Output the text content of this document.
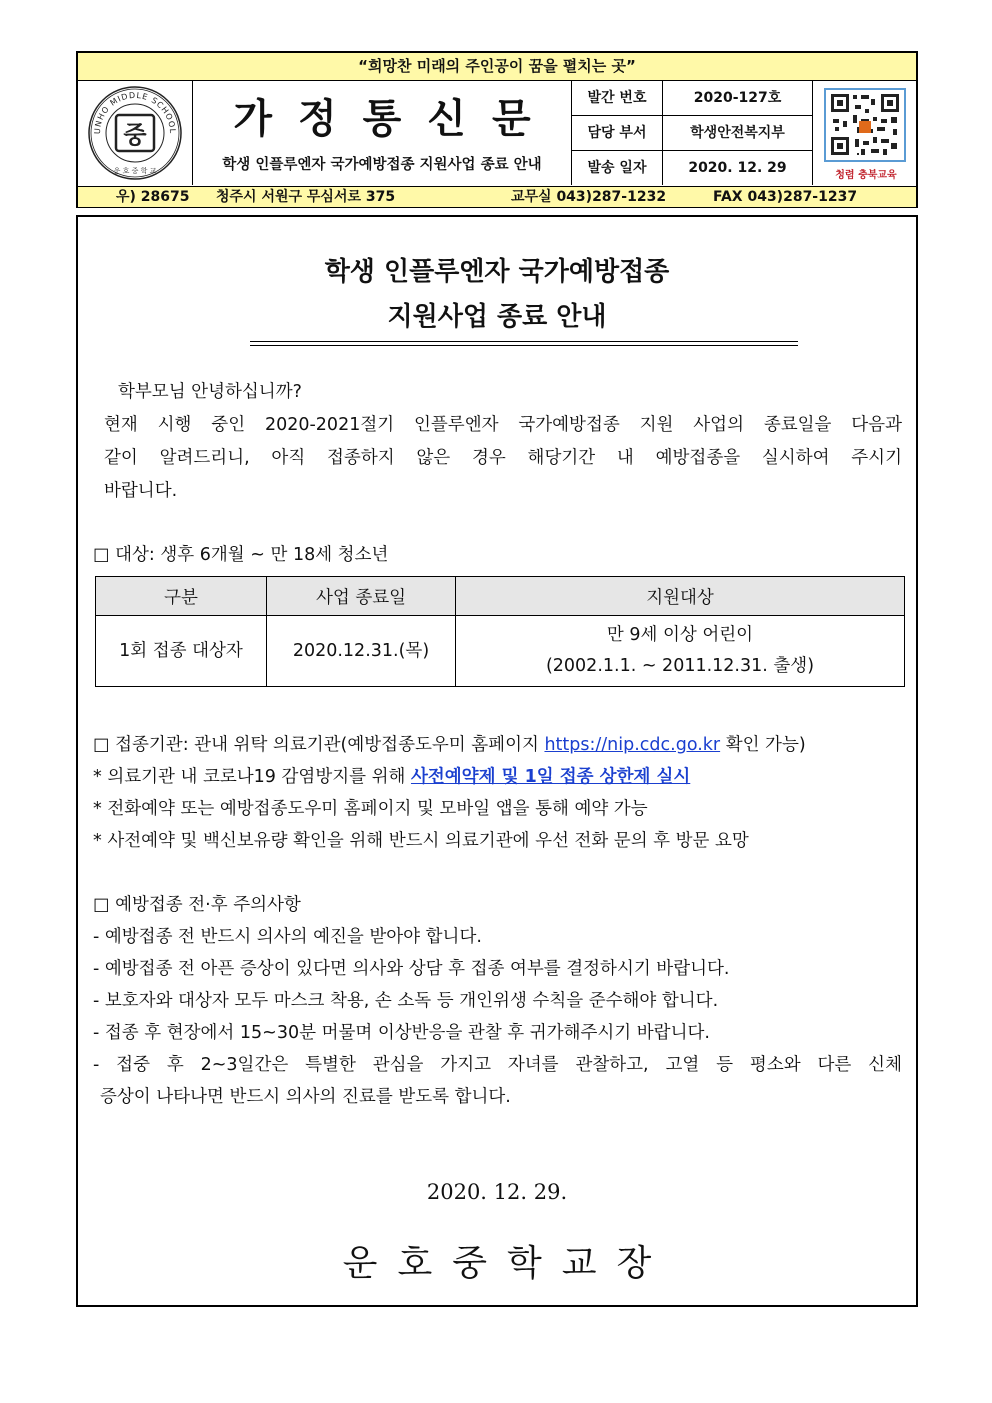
“희망찬 미래의 주인공이 꿈을 펼치는 곳”
UNHO MIDDLE SCHOOL
운 호 중 학 교
중	가정통신문
학생 인플루엔자 국가예방접종 지원사업 종료 안내
발간 번호	2020-127호
담당 부서	학생안전복지부
발송 일자	2020. 12. 29	청렴 충북교육
우) 28675 청주시 서원구 무심서로 375	교무실 043)287-1232	FAX 043)287-1237
학생 인플루엔자 국가예방접종
지원사업 종료 안내
학부모님 안녕하십니까?
현재 시행 중인 2020-2021절기 인플루엔자 국가예방접종 지원 사업의 종료일을 다음과
같이 알려드리니, 아직 접종하지 않은 경우 해당기간 내 예방접종을 실시하여 주시기
바랍니다.
□ 대상: 생후 6개월 ~ 만 18세 청소년
구분	사업 종료일	지원대상
1회 접종 대상자	2020.12.31.(목)	만 9세 이상 어린이
(2002.1.1. ~ 2011.12.31. 출생)
□ 접종기관: 관내 위탁 의료기관(예방접종도우미 홈페이지 https://nip.cdc.go.kr 확인 가능)
* 의료기관 내 코로나19 감염방지를 위해 사전예약제 및 1일 접종 상한제 실시
* 전화예약 또는 예방접종도우미 홈페이지 및 모바일 앱을 통해 예약 가능
* 사전예약 및 백신보유량 확인을 위해 반드시 의료기관에 우선 전화 문의 후 방문 요망
□ 예방접종 전·후 주의사항
- 예방접종 전 반드시 의사의 예진을 받아야 합니다.
- 예방접종 전 아픈 증상이 있다면 의사와 상담 후 접종 여부를 결정하시기 바랍니다.
- 보호자와 대상자 모두 마스크 착용, 손 소독 등 개인위생 수칙을 준수해야 합니다.
- 접종 후 현장에서 15~30분 머물며 이상반응을 관찰 후 귀가해주시기 바랍니다.
- 접중 후 2~3일간은 특별한 관심을 가지고 자녀를 관찰하고, 고열 등 평소와 다른 신체
증상이 나타나면 반드시 의사의 진료를 받도록 합니다.
2020. 12. 29.
운호중학교장
